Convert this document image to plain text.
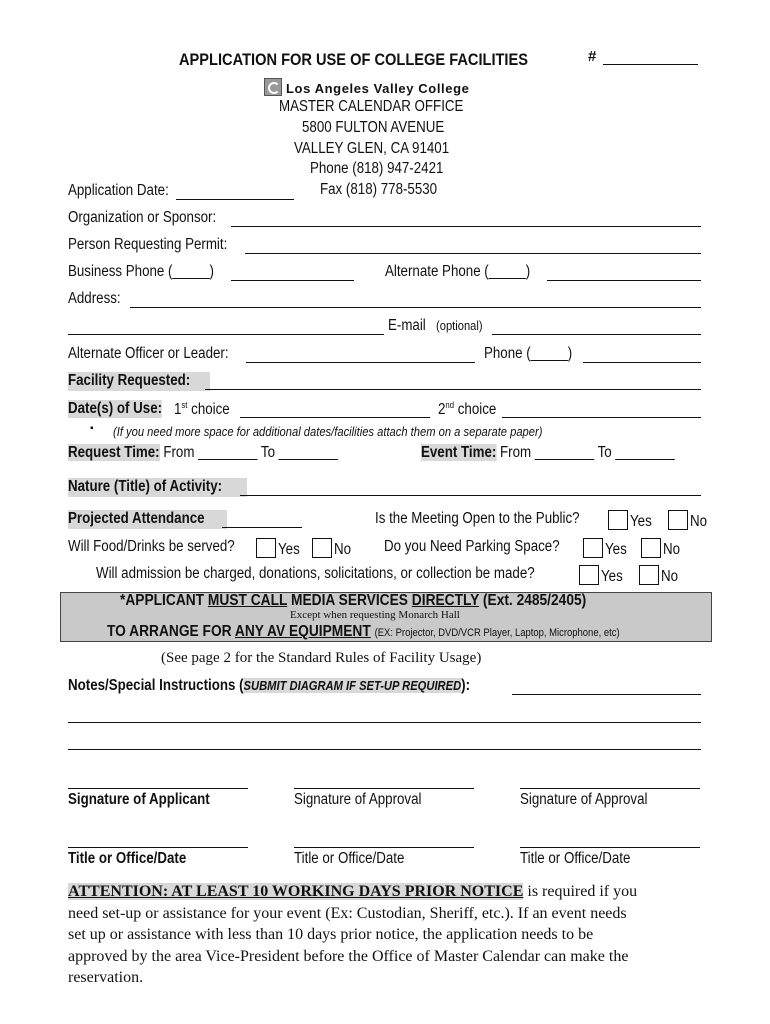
APPLICATION FOR USE OF COLLEGE FACILITIES	#
Los Angeles Valley College
MASTER CALENDAR OFFICE
5800 FULTON AVENUE
VALLEY GLEN, CA 91401
Phone (818) 947-2421
Fax (818) 778-5530
Application Date:
Organization or Sponsor:
Person Requesting Permit:
Business Phone (_____)	Alternate Phone (_____)
Address:
E-mail (optional)
Alternate Officer or Leader:	Phone (_____)
Facility Requested:
Date(s) of Use: 1st choice	2nd choice
▪ (If you need more space for additional dates/facilities attach them on a separate paper)
Request Time: From ________ To ________	Event Time: From ________ To ________
Nature (Title) of Activity:
Projected Attendance	Is the Meeting Open to the Public?	Yes No
Will Food/Drinks be served?	Yes No Do you Need Parking Space?	Yes No
Will admission be charged, donations, solicitations, or collection be made?	Yes No
*APPLICANT MUST CALL MEDIA SERVICES DIRECTLY (Ext. 2485/2405)
Except when requesting Monarch Hall
TO ARRANGE FOR ANY AV EQUIPMENT (EX: Projector, DVD/VCR Player, Laptop, Microphone, etc)
(See page 2 for the Standard Rules of Facility Usage)
Notes/Special Instructions (SUBMIT DIAGRAM IF SET-UP REQUIRED):
Signature of Applicant	Signature of Approval	Signature of Approval
Title or Office/Date	Title or Office/Date	Title or Office/Date
ATTENTION: AT LEAST 10 WORKING DAYS PRIOR NOTICE is required if you
need set-up or assistance for your event (Ex: Custodian, Sheriff, etc.). If an event needs
set up or assistance with less than 10 days prior notice, the application needs to be
approved by the area Vice-President before the Office of Master Calendar can make the
reservation.
